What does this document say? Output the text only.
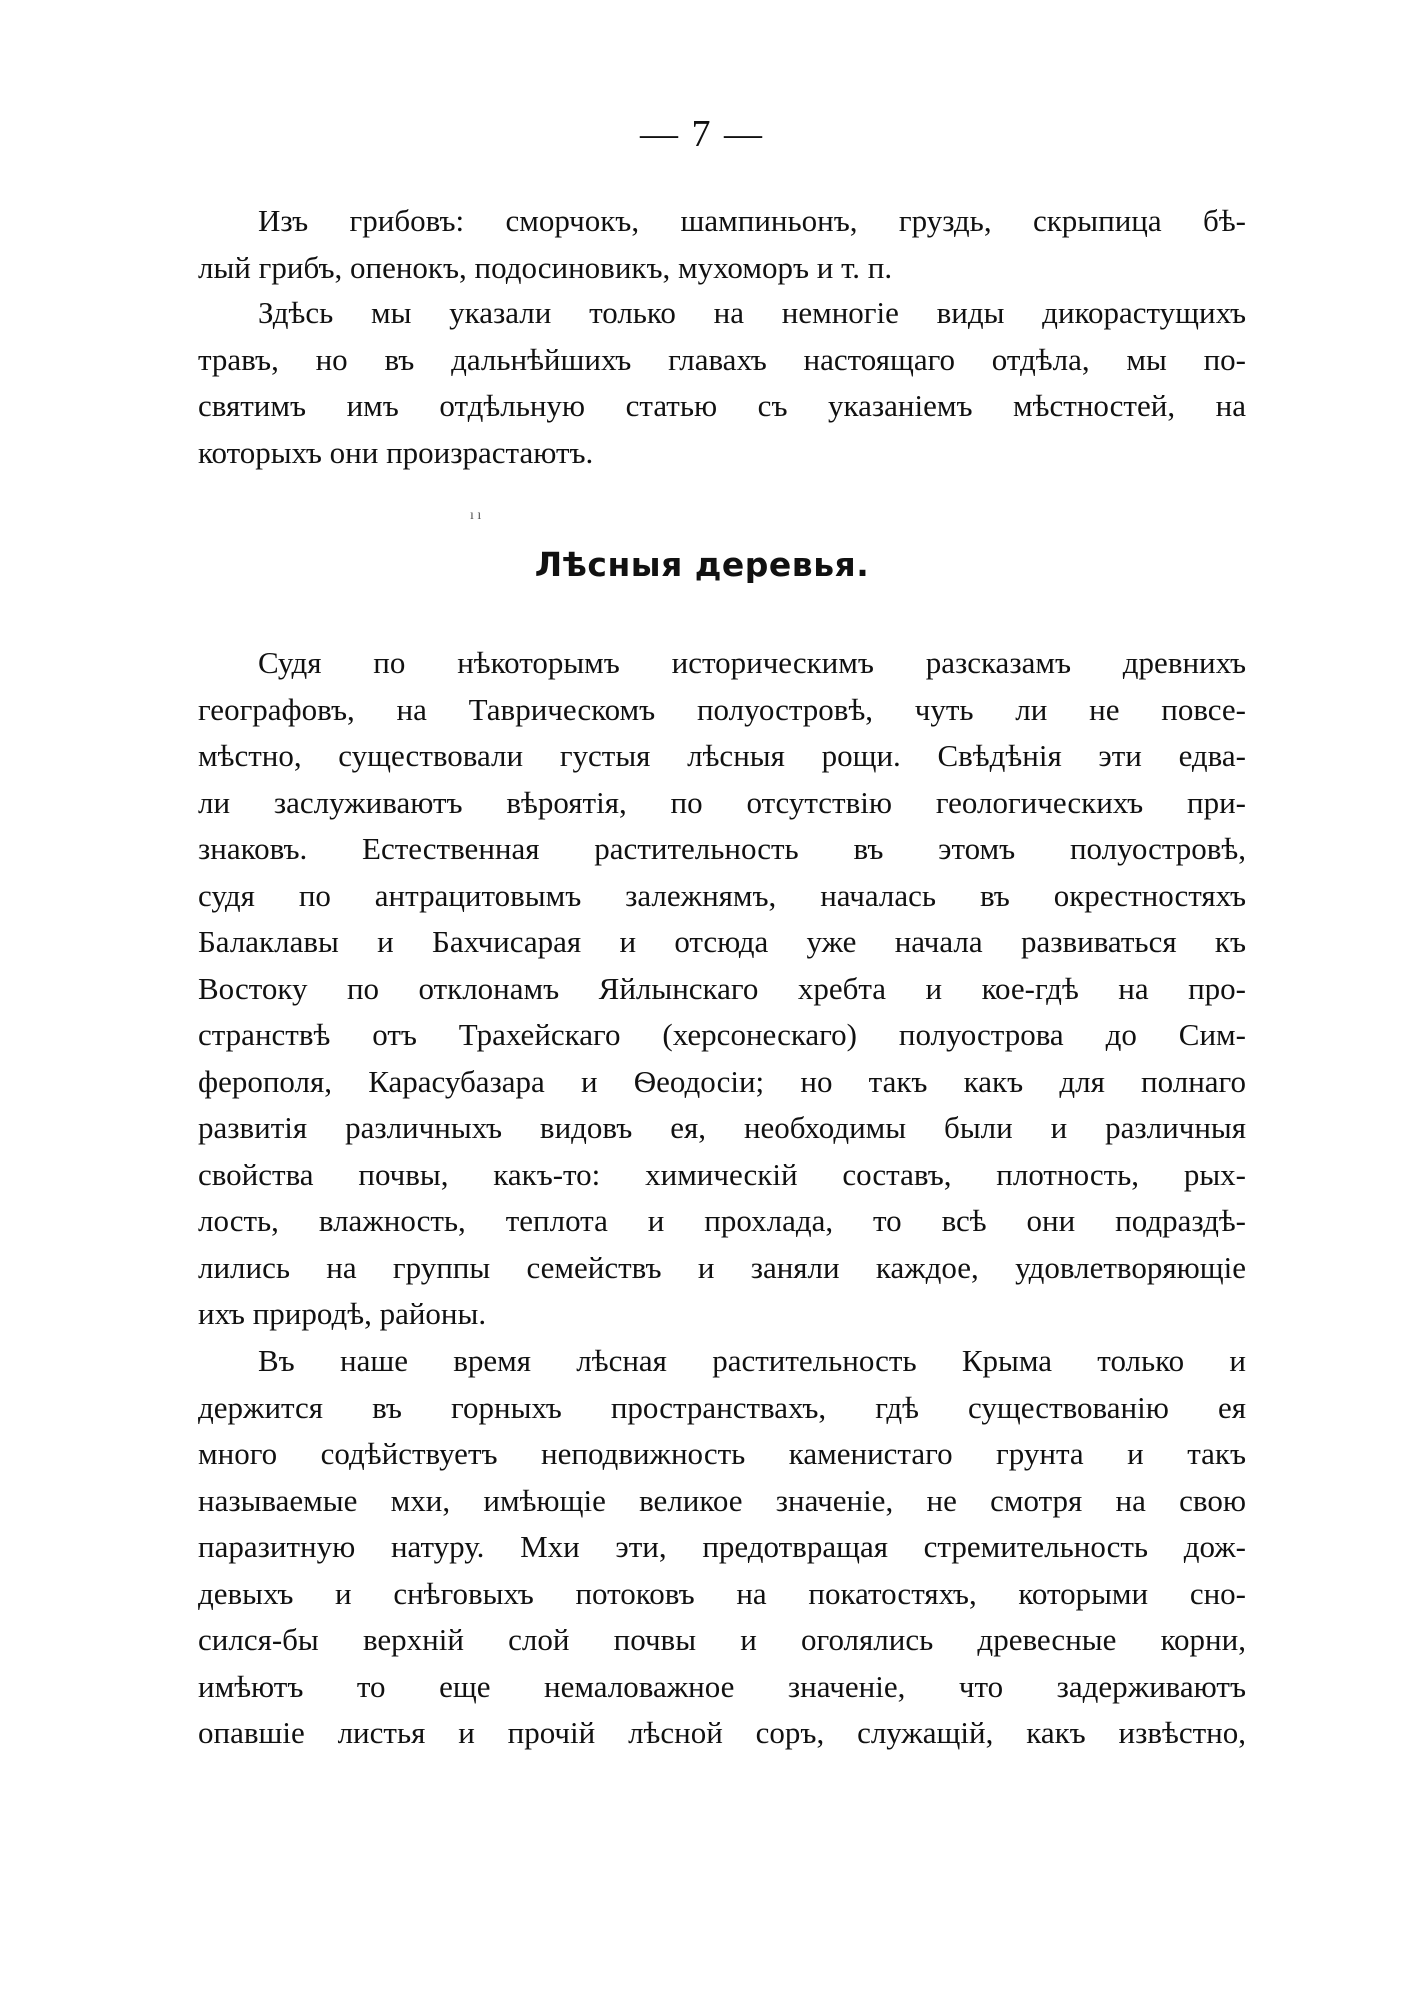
— 7 —
Изъ грибовъ: сморчокъ, шампиньонъ, груздь, скрыпица бѣ-
лый грибъ, опенокъ, подосиновикъ, мухоморъ и т. п.
Здѣсь мы указали только на немногіе виды дикорастущихъ
травъ, но въ дальнѣйшихъ главахъ настоящаго отдѣла, мы по-
святимъ имъ отдѣльную статью съ указаніемъ мѣстностей, на
которыхъ они произрастаютъ.
ı ı
Лѣсныя деревья.
Судя по нѣкоторымъ историческимъ разсказамъ древнихъ
географовъ, на Таврическомъ полуостровѣ, чуть ли не повсе-
мѣстно, существовали густыя лѣсныя рощи. Свѣдѣнія эти едва-
ли заслуживаютъ вѣроятія, по отсутствію геологическихъ при-
знаковъ. Естественная растительность въ этомъ полуостровѣ,
судя по антрацитовымъ залежнямъ, началась въ окрестностяхъ
Балаклавы и Бахчисарая и отсюда уже начала развиваться къ
Востоку по отклонамъ Яйлынскаго хребта и кое-гдѣ на про-
странствѣ отъ Трахейскаго (херсонескаго) полуострова до Сим-
ферополя, Карасубазара и Ѳеодосіи; но такъ какъ для полнаго
развитія различныхъ видовъ ея, необходимы были и различныя
свойства почвы, какъ-то: химическій составъ, плотность, рых-
лость, влажность, теплота и прохлада, то всѣ они подраздѣ-
лились на группы семействъ и заняли каждое, удовлетворяющіе
ихъ природѣ, районы.
Въ наше время лѣсная растительность Крыма только и
держится въ горныхъ пространствахъ, гдѣ существованію ея
много содѣйствуетъ неподвижность каменистаго грунта и такъ
называемые мхи, имѣющіе великое значеніе, не смотря на свою
паразитную натуру. Мхи эти, предотвращая стремительность дож-
девыхъ и снѣговыхъ потоковъ на покатостяхъ, которыми сно-
сился-бы верхній слой почвы и оголялись древесные корни,
имѣютъ то еще немаловажное значеніе, что задерживаютъ
опавшіе листья и прочій лѣсной соръ, служащій, какъ извѣстно,
